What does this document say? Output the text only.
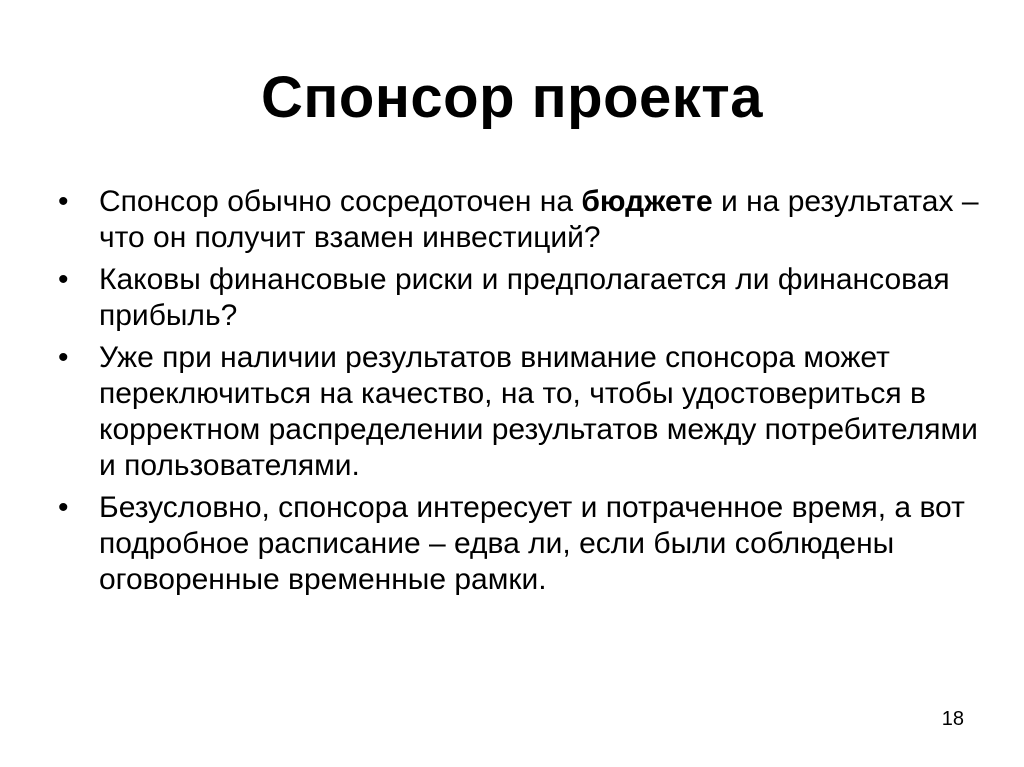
Спонсор проекта
•	Спонсор обычно сосредоточен на бюджете и на результатах – что он получит взамен инвестиций?
•	Каковы финансовые риски и предполагается ли финансовая прибыль?
•	Уже при наличии результатов внимание спонсора может переключиться на качество, на то, чтобы удостовериться в корректном распределении результатов между потребителями и пользователями.
•	Безусловно, спонсора интересует и потраченное время, а вот подробное расписание – едва ли, если были соблюдены оговоренные временные рамки.
18
